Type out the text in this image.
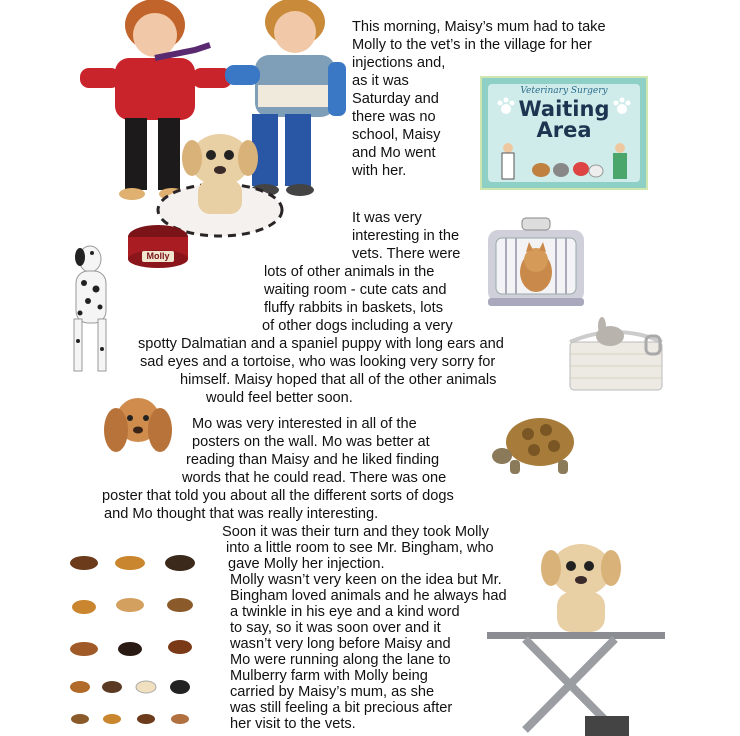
Molly
Veterinary Surgery
Waiting
Area
This morning, Maisy’s mum had to take
Molly to the vet’s in the village for her
injections and,
as it was
Saturday and
there was no
school, Maisy
and Mo went
with her.
It was very
interesting in the
vets. There were
lots of other animals in the
waiting room - cute cats and
fluffy rabbits in baskets, lots
of other dogs including a very
spotty Dalmatian and a spaniel puppy with long ears and
sad eyes and a tortoise, who was looking very sorry for
himself. Maisy hoped that all of the other animals
would feel better soon.
Mo was very interested in all of the
posters on the wall. Mo was better at
reading than Maisy and he liked finding
words that he could read. There was one
poster that told you about all the different sorts of dogs
and Mo thought that was really interesting.
Soon it was their turn and they took Molly
into a little room to see Mr. Bingham, who
gave Molly her injection.
Molly wasn’t very keen on the idea but Mr.
Bingham loved animals and he always had
a twinkle in his eye and a kind word
to say, so it was soon over and it
wasn’t very long before Maisy and
Mo were running along the lane to
Mulberry farm with Molly being
carried by Maisy’s mum, as she
was still feeling a bit precious after
her visit to the vets.
